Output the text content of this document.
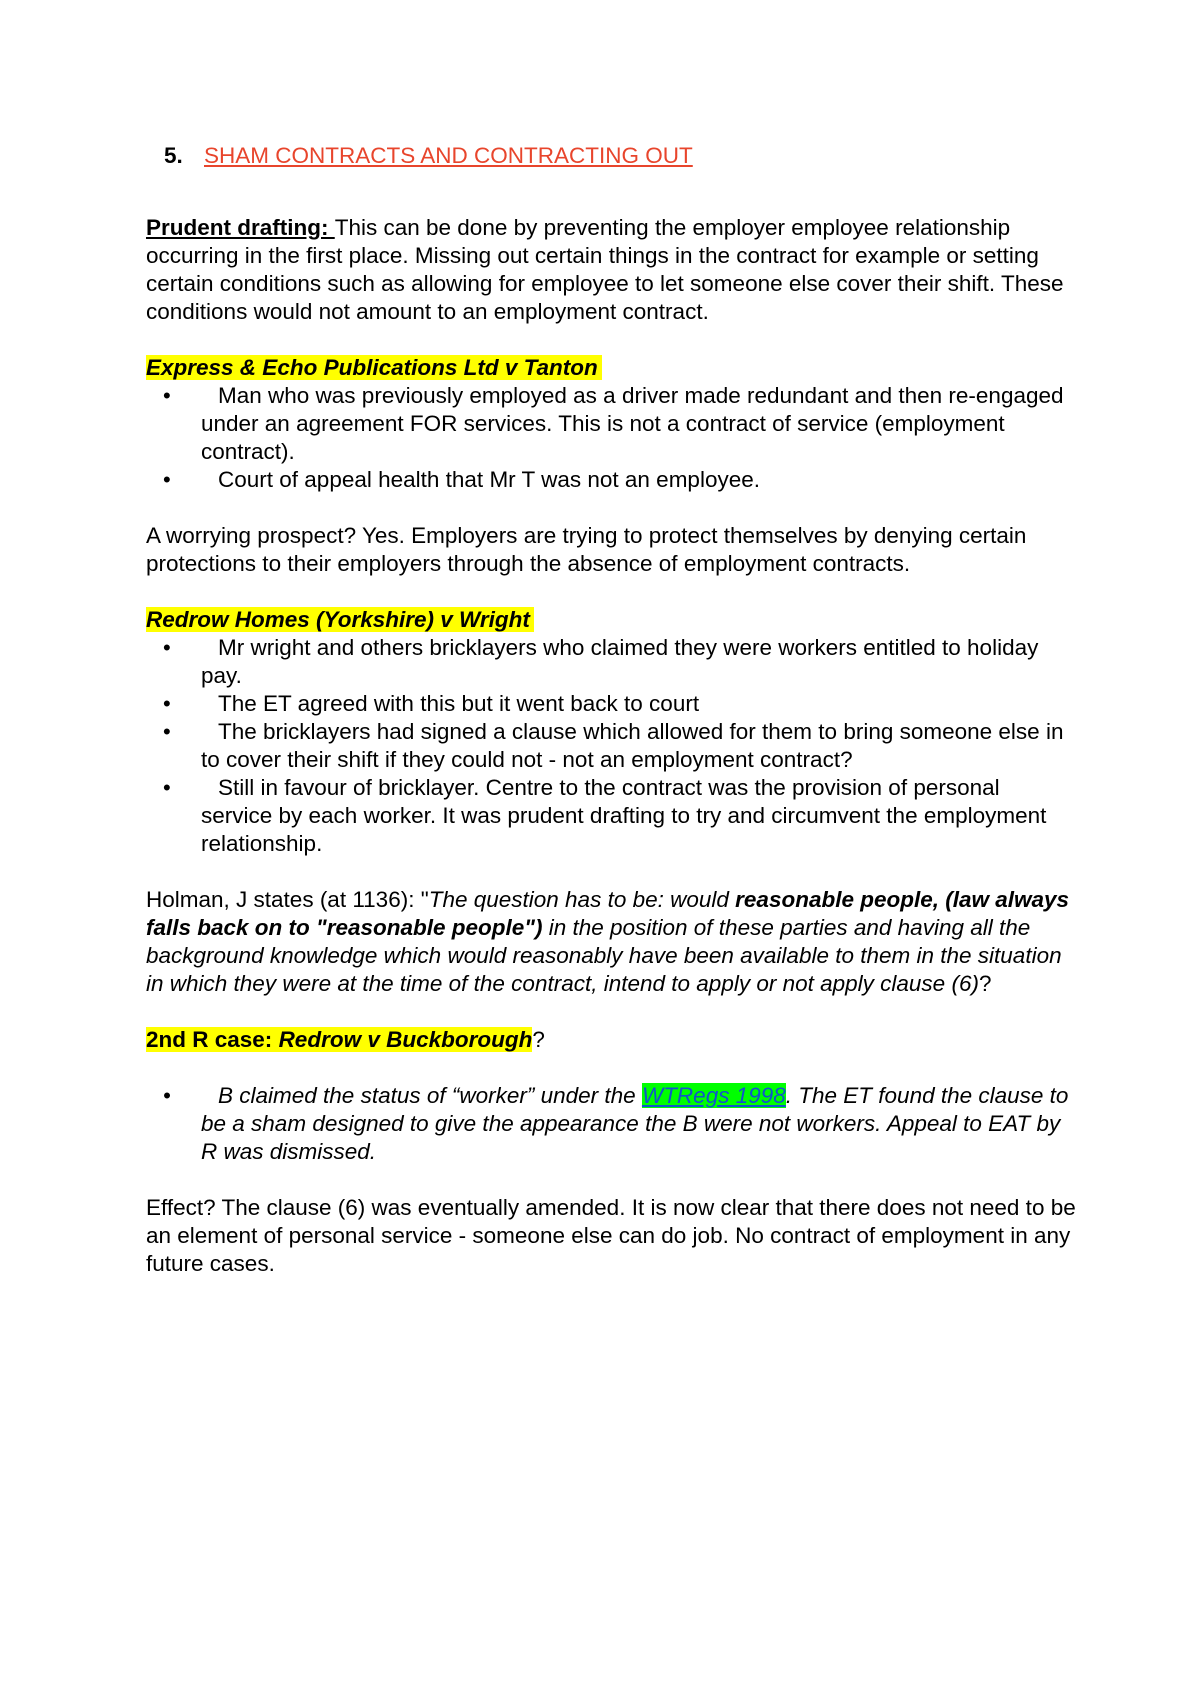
5. SHAM CONTRACTS AND CONTRACTING OUT

Prudent drafting: This can be done by preventing the employer employee relationship occurring in the first place. Missing out certain things in the contract for example or setting certain conditions such as allowing for employee to let someone else cover their shift. These conditions would not amount to an employment contract.

Express & Echo Publications Ltd v Tanton
• Man who was previously employed as a driver made redundant and then re-engaged under an agreement FOR services. This is not a contract of service (employment contract).
• Court of appeal health that Mr T was not an employee.

A worrying prospect? Yes. Employers are trying to protect themselves by denying certain protections to their employers through the absence of employment contracts.

Redrow Homes (Yorkshire) v Wright
• Mr wright and others bricklayers who claimed they were workers entitled to holiday pay.
• The ET agreed with this but it went back to court
• The bricklayers had signed a clause which allowed for them to bring someone else in to cover their shift if they could not - not an employment contract?
• Still in favour of bricklayer. Centre to the contract was the provision of personal service by each worker. It was prudent drafting to try and circumvent the employment relationship.

Holman, J states (at 1136): "The question has to be: would reasonable people, (law always falls back on to "reasonable people") in the position of these parties and having all the background knowledge which would reasonably have been available to them in the situation in which they were at the time of the contract, intend to apply or not apply clause (6)?

2nd R case: Redrow v Buckborough?

• B claimed the status of “worker” under the WTRegs 1998. The ET found the clause to be a sham designed to give the appearance the B were not workers. Appeal to EAT by R was dismissed.

Effect? The clause (6) was eventually amended. It is now clear that there does not need to be an element of personal service - someone else can do job. No contract of employment in any future cases.
